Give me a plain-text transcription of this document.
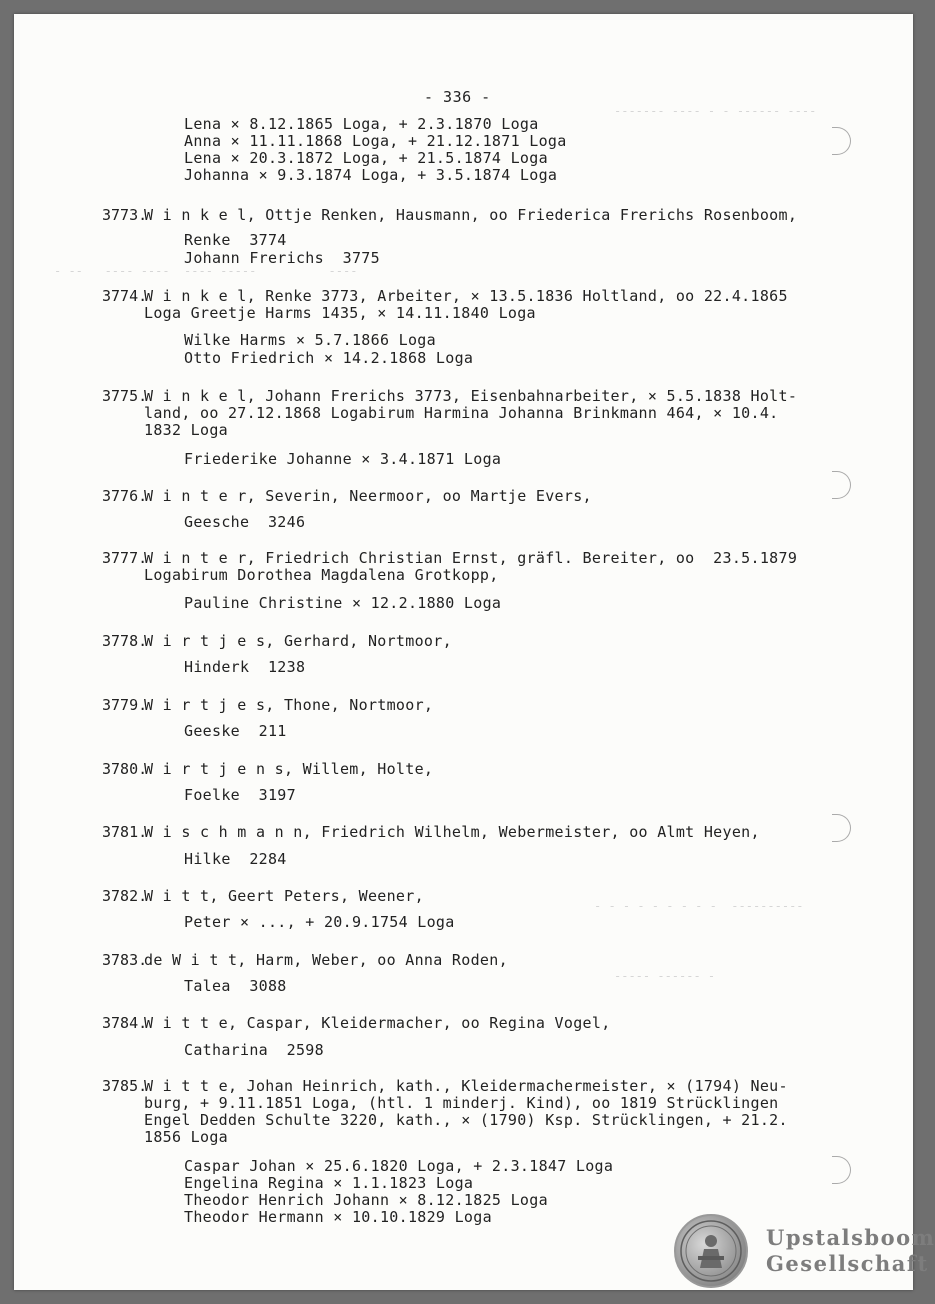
------- ---- - - ------ ----
- --   ---- ----  ---- -----          ----
- - - - - - - - -  ----------
----- ------ -
- 336 -
Lena × 8.12.1865 Loga, + 2.3.1870 Loga
Anna × 11.11.1868 Loga, + 21.12.1871 Loga
Lena × 20.3.1872 Loga, + 21.5.1874 Loga
Johanna × 9.3.1874 Loga, + 3.5.1874 Loga
3773.
W i n k e l, Ottje Renken, Hausmann, oo Friederica Frerichs Rosenboom,
Renke  3774
Johann Frerichs  3775
3774.
W i n k e l, Renke 3773, Arbeiter, × 13.5.1836 Holtland, oo 22.4.1865
Loga Greetje Harms 1435, × 14.11.1840 Loga
Wilke Harms × 5.7.1866 Loga
Otto Friedrich × 14.2.1868 Loga
3775.
W i n k e l, Johann Frerichs 3773, Eisenbahnarbeiter, × 5.5.1838 Holt-
land, oo 27.12.1868 Logabirum Harmina Johanna Brinkmann 464, × 10.4.
1832 Loga
Friederike Johanne × 3.4.1871 Loga
3776.
W i n t e r, Severin, Neermoor, oo Martje Evers,
Geesche  3246
3777.
W i n t e r, Friedrich Christian Ernst, gräfl. Bereiter, oo  23.5.1879
Logabirum Dorothea Magdalena Grotkopp,
Pauline Christine × 12.2.1880 Loga
3778.
W i r t j e s, Gerhard, Nortmoor,
Hinderk  1238
3779.
W i r t j e s, Thone, Nortmoor,
Geeske  211
3780.
W i r t j e n s, Willem, Holte,
Foelke  3197
3781.
W i s c h m a n n, Friedrich Wilhelm, Webermeister, oo Almt Heyen,
Hilke  2284
3782.
W i t t, Geert Peters, Weener,
Peter × ..., + 20.9.1754 Loga
3783.
de W i t t, Harm, Weber, oo Anna Roden,
Talea  3088
3784.
W i t t e, Caspar, Kleidermacher, oo Regina Vogel,
Catharina  2598
3785.
W i t t e, Johan Heinrich, kath., Kleidermachermeister, × (1794) Neu-
burg, + 9.11.1851 Loga, (htl. 1 minderj. Kind), oo 1819 Strücklingen
Engel Dedden Schulte 3220, kath., × (1790) Ksp. Strücklingen, + 21.2.
1856 Loga
Caspar Johan × 25.6.1820 Loga, + 2.3.1847 Loga
Engelina Regina × 1.1.1823 Loga
Theodor Henrich Johann × 8.12.1825 Loga
Theodor Hermann × 10.10.1829 Loga
Upstalsboom
Gesellschaft
